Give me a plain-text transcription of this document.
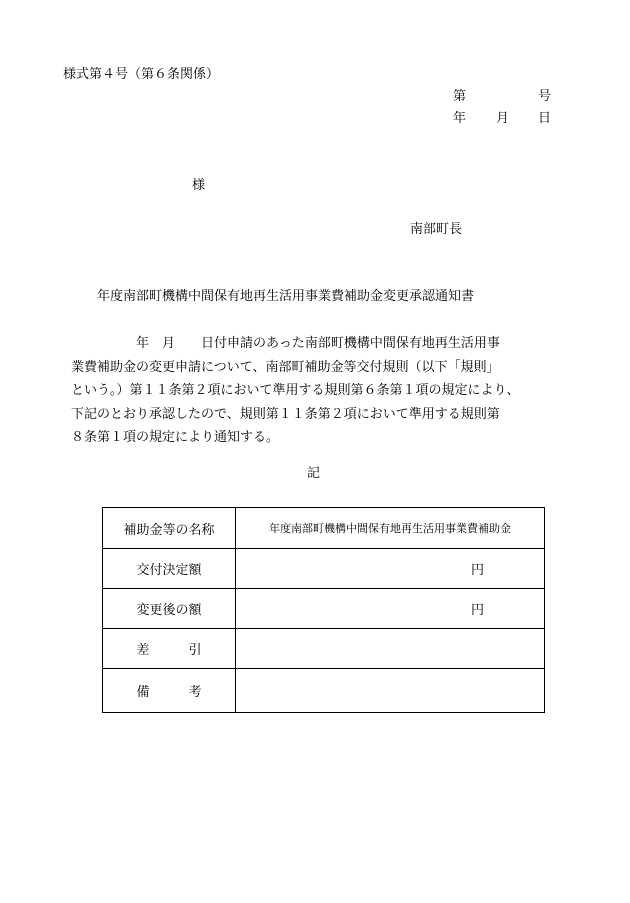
様式第４号（第６条関係）
第	号
年 月 日
様
南部町長
年度南部町機構中間保有地再生活用事業費補助金変更承認通知書
　　　　　年　月　　日付申請のあった南部町機構中間保有地再生活用事
業費補助金の変更申請について、南部町補助金等交付規則（以下「規則」
という。）第１１条第２項において準用する規則第６条第１項の規定により、
下記のとおり承認したので、規則第１１条第２項において準用する規則第
８条第１項の規定により通知する。
記
補助金等の名称	年度南部町機構中間保有地再生活用事業費補助金
交付決定額	円
変更後の額	円
差　　　引	
備　　　考	
